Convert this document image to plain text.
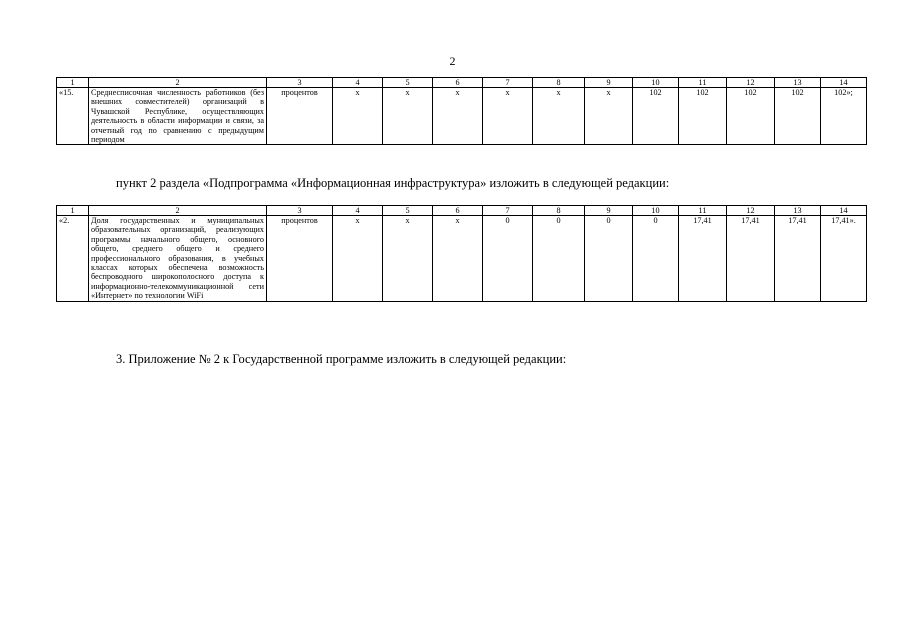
2
1	2	3	4	5	6	7	8	9	10	11	12	13	14
«15.	Среднесписочная численность работников (без внешних совместителей) организаций в Чувашской Республике, осуществляющих деятельность в области информации и связи, за отчетный год по сравнению с предыдущим периодом	процентов	х	х	х	х	х	х	102	102	102	102	102»;
пункт 2 раздела «Подпрограмма «Информационная инфраструктура» изложить в следующей редакции:
1	2	3	4	5	6	7	8	9	10	11	12	13	14
«2.	Доля государственных и муниципальных образовательных организаций, реализующих программы начального общего, основного общего, среднего общего и среднего профессионального образования, в учебных классах которых обеспечена возможность беспроводного широкополосного доступа к информационно-телекоммуникационной сети «Интернет» по технологии WiFi	процентов	х	х	х	0	0	0	0	17,41	17,41	17,41	17,41».
3. Приложение № 2 к Государственной программе изложить в следующей редакции:
